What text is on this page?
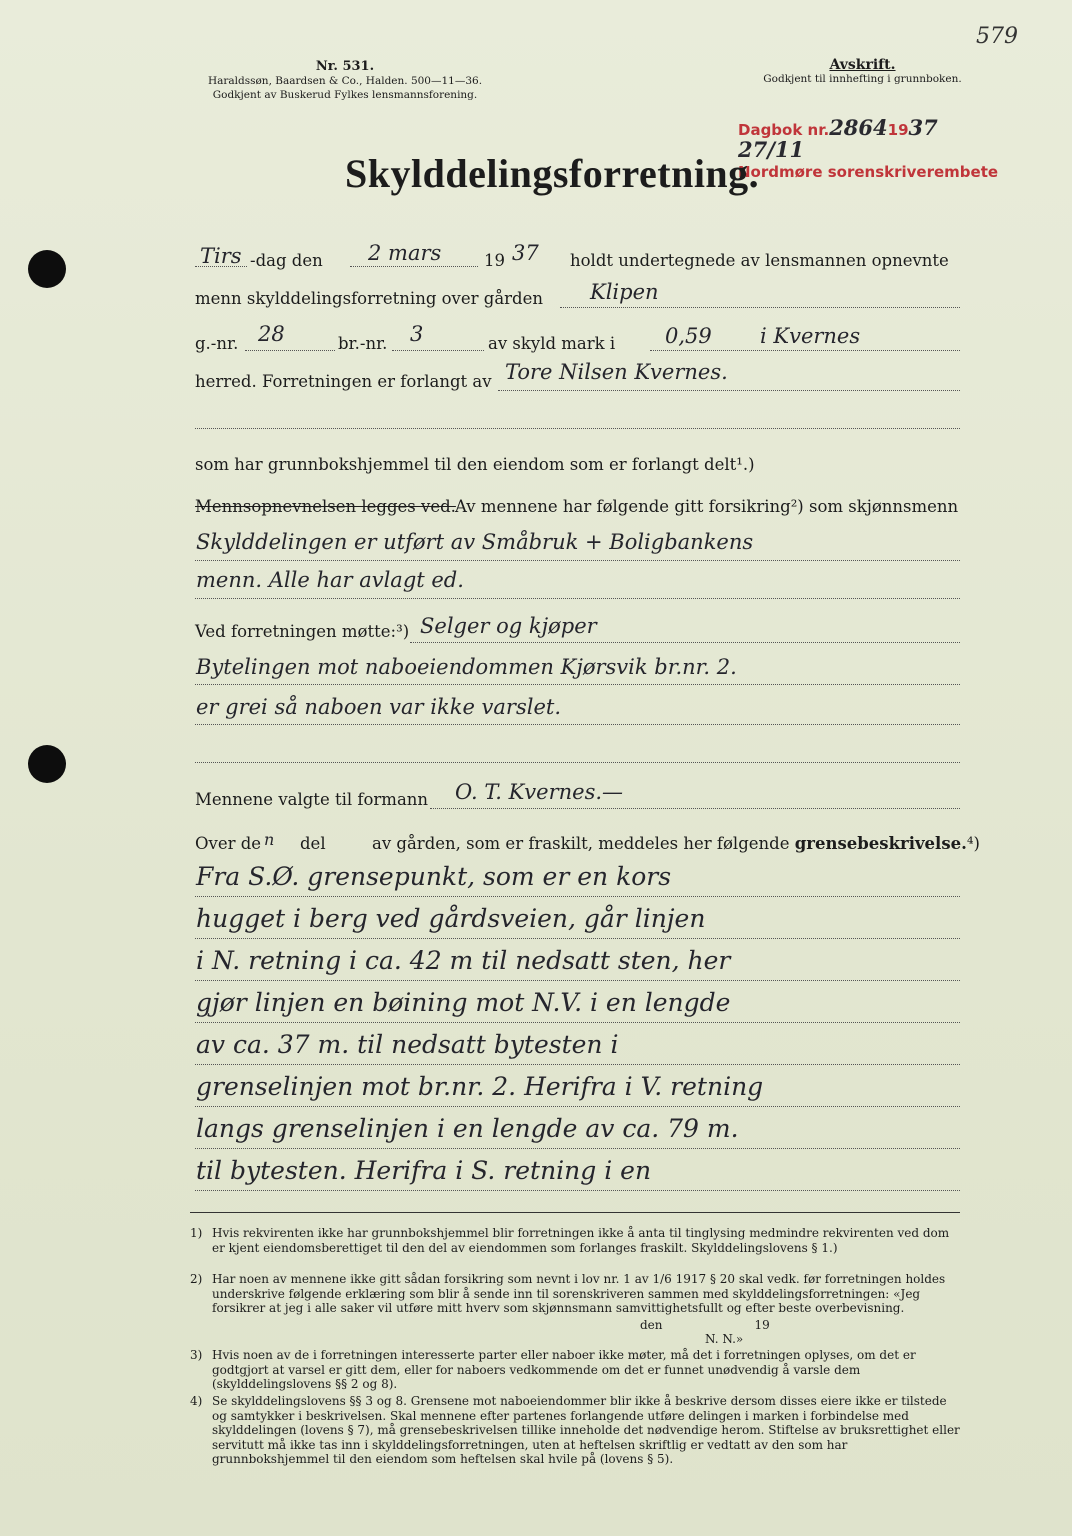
579
Nr. 531.
Haraldssøn, Baardsen & Co., Halden. 500—11—36.
Godkjent av Buskerud Fylkes lensmannsforening.
Avskrift.
Godkjent til innhefting i grunnboken.
Dagbok nr.28641937 27/11
Nordmøre sorenskriverembete
Skylddelingsforretning.
Tirs -dag den 2 mars	19 37 holdt undertegnede av lensmannen opnevnte
menn skylddelingsforretning over gården Klipen
g.-nr. 28	br.-nr. 3	av skyld mark i 0,59 i Kvernes
herred. Forretningen er forlangt av Tore Nilsen Kvernes.
som har grunnbokshjemmel til den eiendom som er forlangt delt¹.)
Mennsopnevnelsen legges ved. Av mennene har følgende gitt forsikring²) som skjønnsmenn
Skylddelingen er utført av Småbruk + Boligbankens
menn. Alle har avlagt ed.
Ved forretningen møtte:³) Selger og kjøper
Bytelingen mot naboeiendommen Kjørsvik br.nr. 2.
er grei så naboen var ikke varslet.
Mennene valgte til formann O. T. Kvernes.—
Over de n del	av gården, som er fraskilt, meddeles her følgende grensebeskrivelse.⁴)
Fra S.Ø. grensepunkt, som er en kors
hugget i berg ved gårdsveien, går linjen
i N. retning i ca. 42 m til nedsatt sten, her
gjør linjen en bøining mot N.V. i en lengde
av ca. 37 m. til nedsatt bytesten i
grenselinjen mot br.nr. 2. Herifra i V. retning
langs grenselinjen i en lengde av ca. 79 m.
til bytesten. Herifra i S. retning i en
1) Hvis rekvirenten ikke har grunnbokshjemmel blir forretningen ikke å anta til tinglysing medmindre rekvirenten ved dom er kjent eiendomsberettiget til den del av eiendommen som forlanges fraskilt. Skylddelingslovens § 1.)
2) Har noen av mennene ikke gitt sådan forsikring som nevnt i lov nr. 1 av 1/6 1917 § 20 skal vedk. før forretningen holdes underskrive følgende erklæring som blir å sende inn til sorenskriveren sammen med skylddelingsforretningen: «Jeg forsikrer at jeg i alle saker vil utføre mitt hverv som skjønnsmann samvittighetsfullt og efter beste overbevisning.
den	19
N. N.»
3) Hvis noen av de i forretningen interesserte parter eller naboer ikke møter, må det i forretningen oplyses, om det er godtgjort at varsel er gitt dem, eller for naboers vedkommende om det er funnet unødvendig å varsle dem (skylddelingslovens §§ 2 og 8).
4) Se skylddelingslovens §§ 3 og 8. Grensene mot naboeiendommer blir ikke å beskrive dersom disses eiere ikke er tilstede og samtykker i beskrivelsen. Skal mennene efter partenes forlangende utføre delingen i marken i forbindelse med skylddelingen (lovens § 7), må grensebeskrivelsen tillike inneholde det nødvendige herom. Stiftelse av bruksrettighet eller servitutt må ikke tas inn i skylddelingsforretningen, uten at heftelsen skriftlig er vedtatt av den som har grunnbokshjemmel til den eiendom som heftelsen skal hvile på (lovens § 5).
